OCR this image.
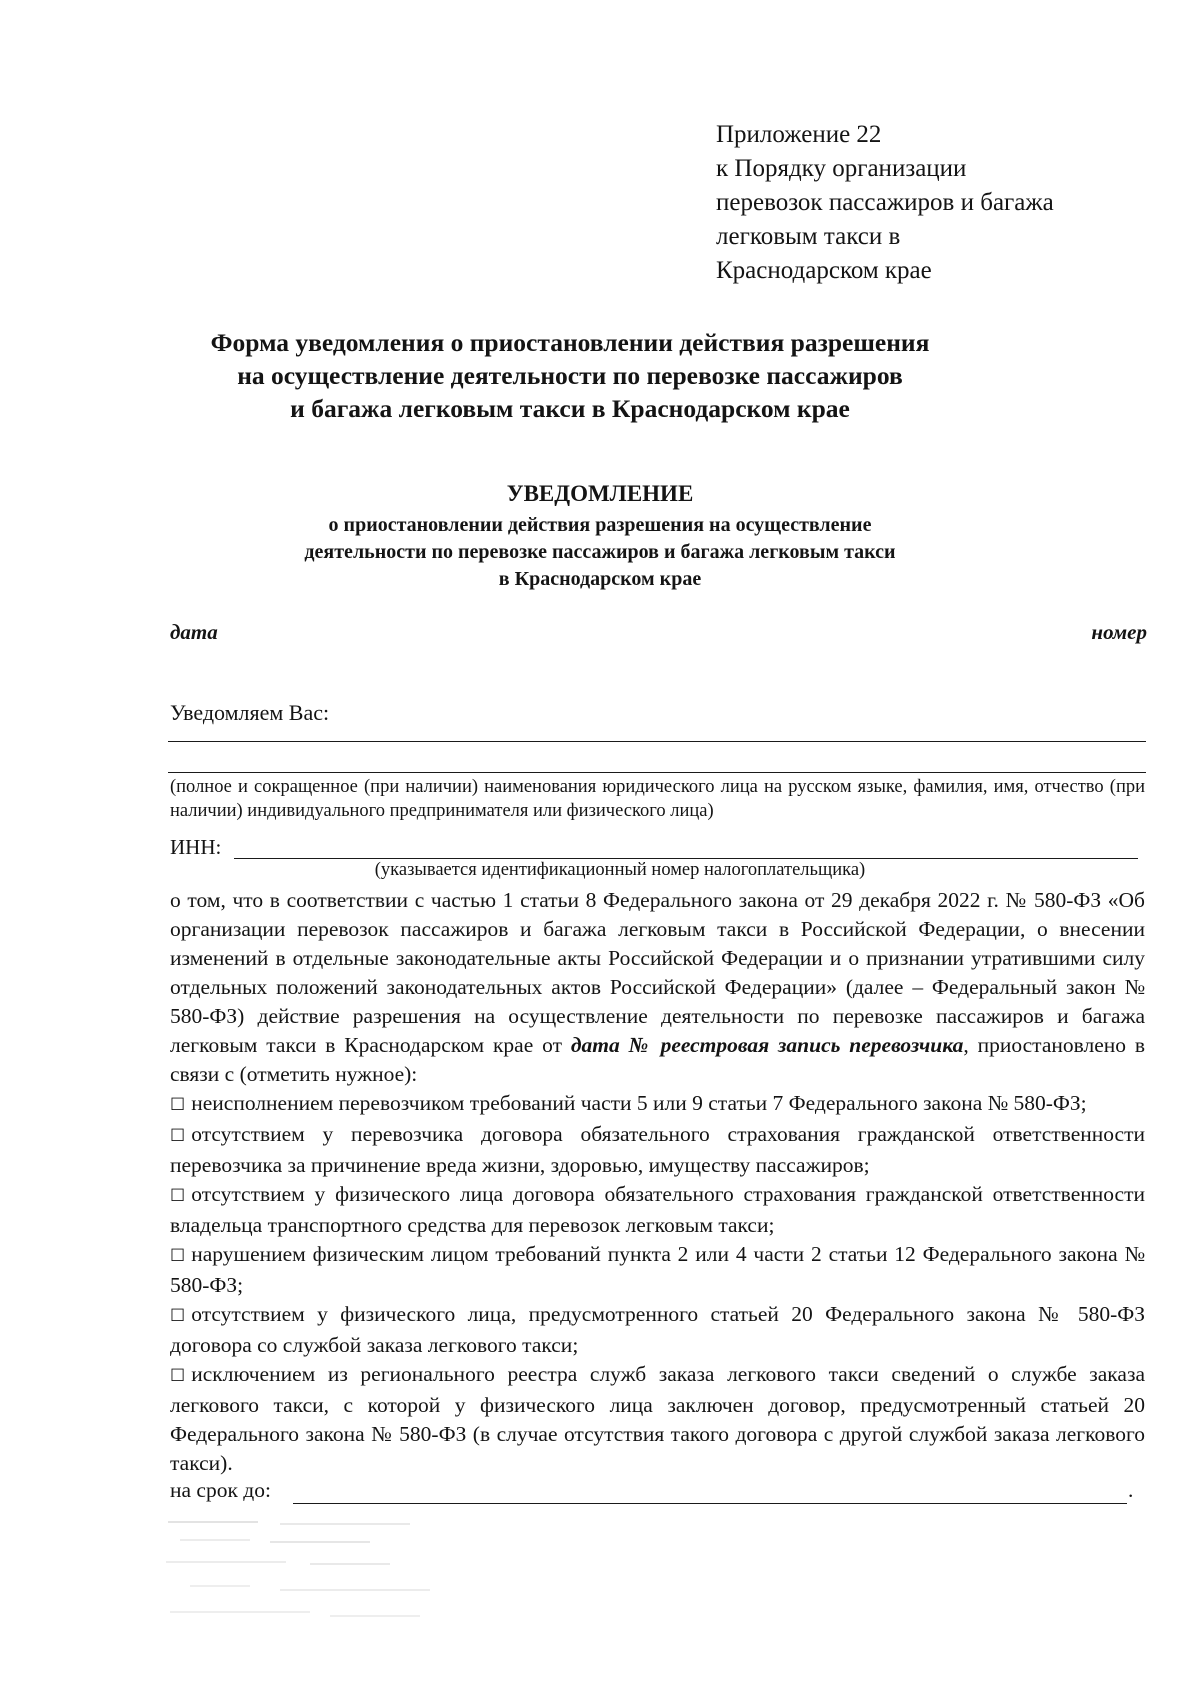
Приложение 22
к Порядку организации
перевозок пассажиров и багажа
легковым такси в
Краснодарском крае
Форма уведомления о приостановлении действия разрешения
на осуществление деятельности по перевозке пассажиров
и багажа легковым такси в Краснодарском крае
УВЕДОМЛЕНИЕ
о приостановлении действия разрешения на осуществление
деятельности по перевозке пассажиров и багажа легковым такси
в Краснодарском крае
дата	номер
Уведомляем Вас:
(полное и сокращенное (при наличии) наименования юридического лица на русском языке, фамилия, имя, отчество (при наличии) индивидуального предпринимателя или физического лица)
ИНН:
(указывается идентификационный номер налогоплательщика)

о том, что в соответствии с частью 1 статьи 8 Федерального закона от 29 декабря 2022 г. № 580-ФЗ «Об организации перевозок пассажиров и багажа легковым такси в Российской Федерации, о внесении изменений в отдельные законодательные акты Российской Федерации и о признании утратившими силу отдельных положений законодательных актов Российской Федерации» (далее – Федеральный закон № 580-ФЗ) действие разрешения на осуществление деятельности по перевозке пассажиров и багажа легковым такси в Краснодарском крае от дата № реестровая запись перевозчика, приостановлено в связи с (отметить нужное):

☐ неисполнением перевозчиком требований части 5 или 9 статьи 7 Федерального закона № 580-ФЗ;

☐ отсутствием у перевозчика договора обязательного страхования гражданской ответственности перевозчика за причинение вреда жизни, здоровью, имуществу пассажиров;

☐ отсутствием у физического лица договора обязательного страхования гражданской ответственности владельца транспортного средства для перевозок легковым такси;

☐ нарушением физическим лицом требований пункта 2 или 4 части 2 статьи 12 Федерального закона № 580-ФЗ;

☐ отсутствием у физического лица, предусмотренного статьей 20 Федерального закона № 580-ФЗ договора со службой заказа легкового такси;

☐ исключением из регионального реестра служб заказа легкового такси сведений о службе заказа легкового такси, с которой у физического лица заключен договор, предусмотренный статьей 20 Федерального закона № 580-ФЗ (в случае отсутствия такого договора с другой службой заказа легкового такси).

на срок до:	.
